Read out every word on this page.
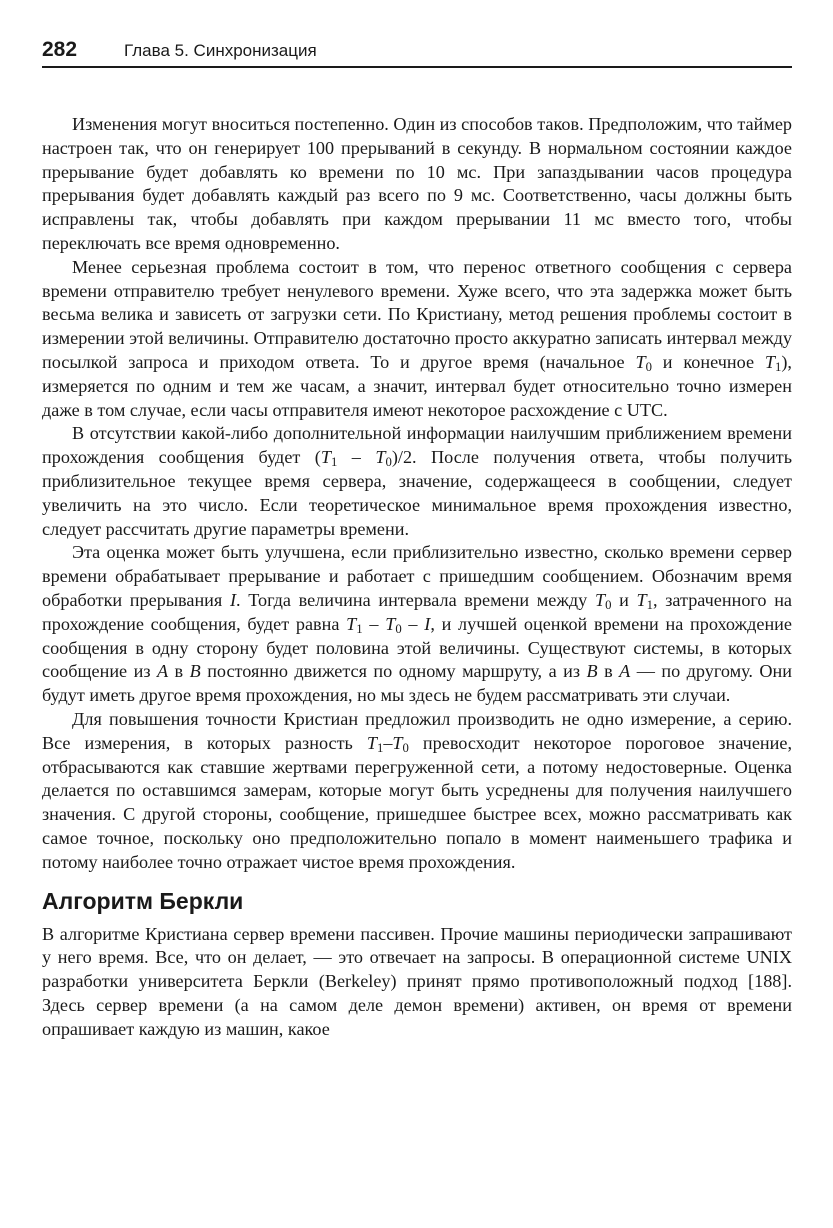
282	Глава 5. Синхронизация

Изменения могут вноситься постепенно. Один из способов таков. Предположим, что таймер настроен так, что он генерирует 100 прерываний в секунду. В нормальном состоянии каждое прерывание будет добавлять ко времени по 10 мс. При запаздывании часов процедура прерывания будет добавлять каждый раз всего по 9 мс. Соответственно, часы должны быть исправлены так, чтобы добавлять при каждом прерывании 11 мс вместо того, чтобы переключать все время одновременно.

Менее серьезная проблема состоит в том, что перенос ответного сообщения с сервера времени отправителю требует ненулевого времени. Хуже всего, что эта задержка может быть весьма велика и зависеть от загрузки сети. По Кристиану, метод решения проблемы состоит в измерении этой величины. Отправителю достаточно просто аккуратно записать интервал между посылкой запроса и приходом ответа. То и другое время (начальное $T_0$ и конечное $T_1$), измеряется по одним и тем же часам, а значит, интервал будет относительно точно измерен даже в том случае, если часы отправителя имеют некоторое расхождение с UTC.

В отсутствии какой-либо дополнительной информации наилучшим приближением времени прохождения сообщения будет $(T_1 - T_0)/2$. После получения ответа, чтобы получить приблизительное текущее время сервера, значение, содержащееся в сообщении, следует увеличить на это число. Если теоретическое минимальное время прохождения известно, следует рассчитать другие параметры времени.

Эта оценка может быть улучшена, если приблизительно известно, сколько времени сервер времени обрабатывает прерывание и работает с пришедшим сообщением. Обозначим время обработки прерывания I. Тогда величина интервала времени между $T_0$ и $T_1$, затраченного на прохождение сообщения, будет равна $T_1 - T_0$ – I, и лучшей оценкой времени на прохождение сообщения в одну сторону будет половина этой величины. Существуют системы, в которых сообщение из A в B постоянно движется по одному маршруту, а из B в A — по другому. Они будут иметь другое время прохождения, но мы здесь не будем рассматривать эти случаи.

Для повышения точности Кристиан предложил производить не одно измерение, а серию. Все измерения, в которых разность $T_1-T_0$ превосходит некоторое пороговое значение, отбрасываются как ставшие жертвами перегруженной сети, а потому недостоверные. Оценка делается по оставшимся замерам, которые могут быть усреднены для получения наилучшего значения. С другой стороны, сообщение, пришедшее быстрее всех, можно рассматривать как самое точное, поскольку оно предположительно попало в момент наименьшего трафика и потому наиболее точно отражает чистое время прохождения.

Алгоритм Беркли

В алгоритме Кристиана сервер времени пассивен. Прочие машины периодически запрашивают у него время. Все, что он делает, — это отвечает на запросы. В операционной системе UNIX разработки университета Беркли (Berkeley) принят прямо противоположный подход [188]. Здесь сервер времени (а на самом деле демон времени) активен, он время от времени опрашивает каждую из машин, какое
